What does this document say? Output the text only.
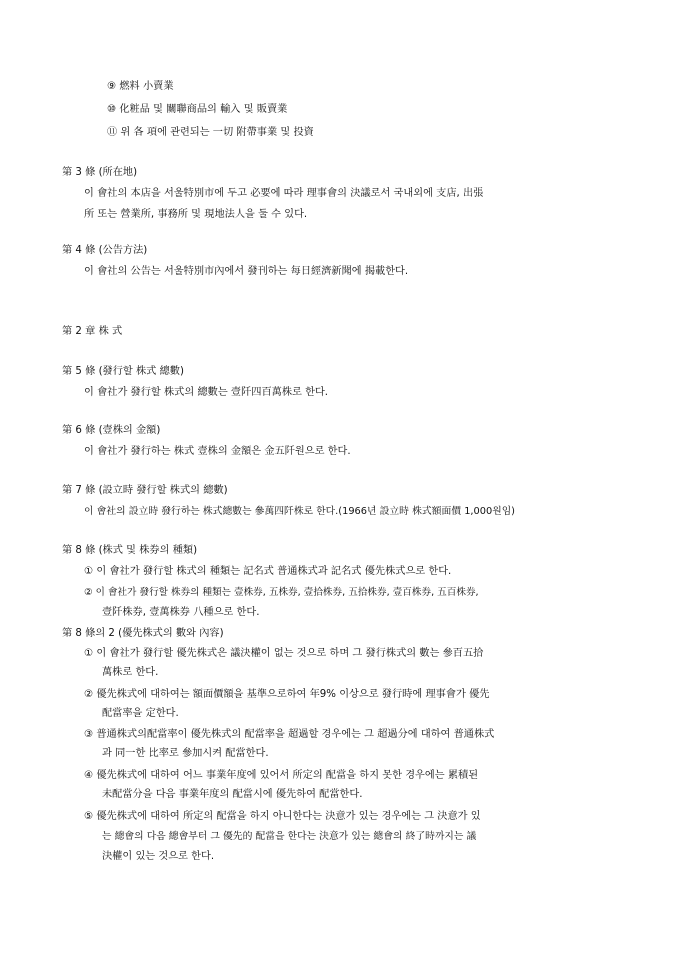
⑨ 燃料 小賣業
⑩ 化粧品 및 關聯商品의 輸入 및 販賣業
⑪ 위 各 項에 관련되는 一切 附帶事業 및 投資
第 3 條 (所在地)
이 會社의 本店을 서울特別市에 두고 必要에 따라 理事會의 決議로서 국내외에 支店, 出張
所 또는 營業所, 事務所 및 現地法人을 둘 수 있다.
第 4 條 (公告方法)
이 會社의 公告는 서울特別市內에서 發刊하는 每日經濟新聞에 揭載한다.
第 2 章 株 式
第 5 條 (發行할 株式 總數)
이 會社가 發行할 株式의 總數는 壹阡四百萬株로 한다.
第 6 條 (壹株의 金額)
이 會社가 發行하는 株式 壹株의 金額은 金五阡원으로 한다.
第 7 條 (設立時 發行할 株式의 總數)
이 會社의 設立時 發行하는 株式總數는 參萬四阡株로 한다.(1966년 設立時 株式額面價 1,000원임)
第 8 條 (株式 및 株券의 種類)
① 이 會社가 發行할 株式의 種類는 記名式 普通株式과 記名式 優先株式으로 한다.
② 이 會社가 發行할 株券의 種類는 壹株券, 五株券, 壹拾株券, 五拾株券, 壹百株券, 五百株券,
壹阡株券, 壹萬株券 八種으로 한다.
第 8 條의 2 (優先株式의 數와 內容)
① 이 會社가 發行할 優先株式은 議決權이 없는 것으로 하며 그 發行株式의 數는 參百五拾
萬株로 한다.
② 優先株式에 대하여는 額面價額을 基準으로하여 年9% 이상으로 發行時에 理事會가 優先
配當率을 定한다.
③ 普通株式의配當率이 優先株式의 配當率을 超過할 경우에는 그 超過分에 대하여 普通株式
과 同一한 比率로 參加시켜 配當한다.
④ 優先株式에 대하여 어느 事業年度에 있어서 所定의 配當을 하지 못한 경우에는 累積된
未配當分을 다음 事業年度의 配當시에 優先하여 配當한다.
⑤ 優先株式에 대하여 所定의 配當을 하지 아니한다는 決意가 있는 경우에는 그 決意가 있
는 總會의 다음 總會부터 그 優先的 配當을 한다는 決意가 있는 總會의 終了時까지는 議
決權이 있는 것으로 한다.
